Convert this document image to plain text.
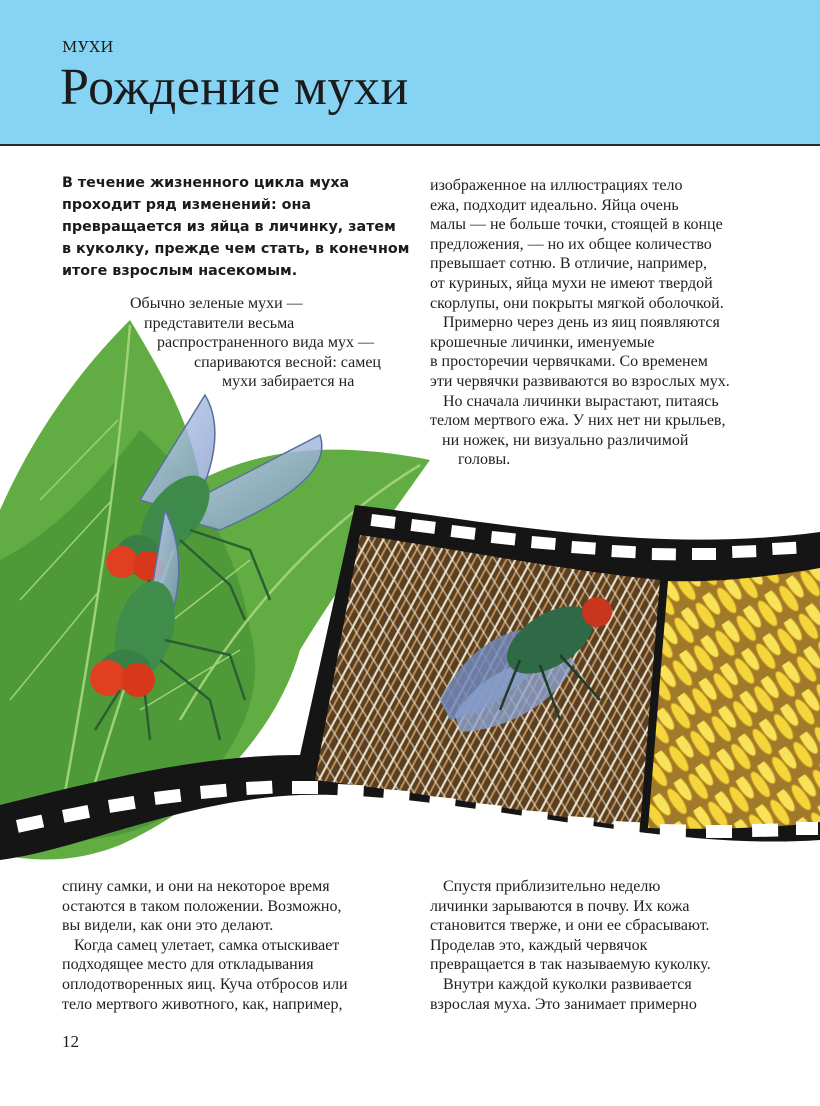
МУХИ
Рождение мухи
В течение жизненного цикла муха
проходит ряд изменений: она
превращается из яйца в личинку, затем
в куколку, прежде чем стать, в конечном
итоге взрослым насекомым.
Обычно зеленые мухи —
представители весьма
распространенного вида мух —
спариваются весной: самец
мухи забирается на
изображенное на иллюстрациях тело
ежа, подходит идеально. Яйца очень
малы — не больше точки, стоящей в конце
предложения, — но их общее количество
превышает сотню. В отличие, например,
от куриных, яйца мухи не имеют твердой
скорлупы, они покрыты мягкой оболочкой.
Примерно через день из яиц появляются
крошечные личинки, именуемые
в просторечии червячками. Со временем
эти червячки развиваются во взрослых мух.
Но сначала личинки вырастают, питаясь
телом мертвого ежа. У них нет ни крыльев,
ни ножек, ни визуально различимой
головы.
спину самки, и они на некоторое время
остаются в таком положении. Возможно,
вы видели, как они это делают.
Когда самец улетает, самка отыскивает
подходящее место для откладывания
оплодотворенных яиц. Куча отбросов или
тело мертвого животного, как, например,
Спустя приблизительно неделю
личинки зарываются в почву. Их кожа
становится тверже, и они ее сбрасывают.
Проделав это, каждый червячок
превращается в так называемую куколку.
Внутри каждой куколки развивается
взрослая муха. Это занимает примерно
12
